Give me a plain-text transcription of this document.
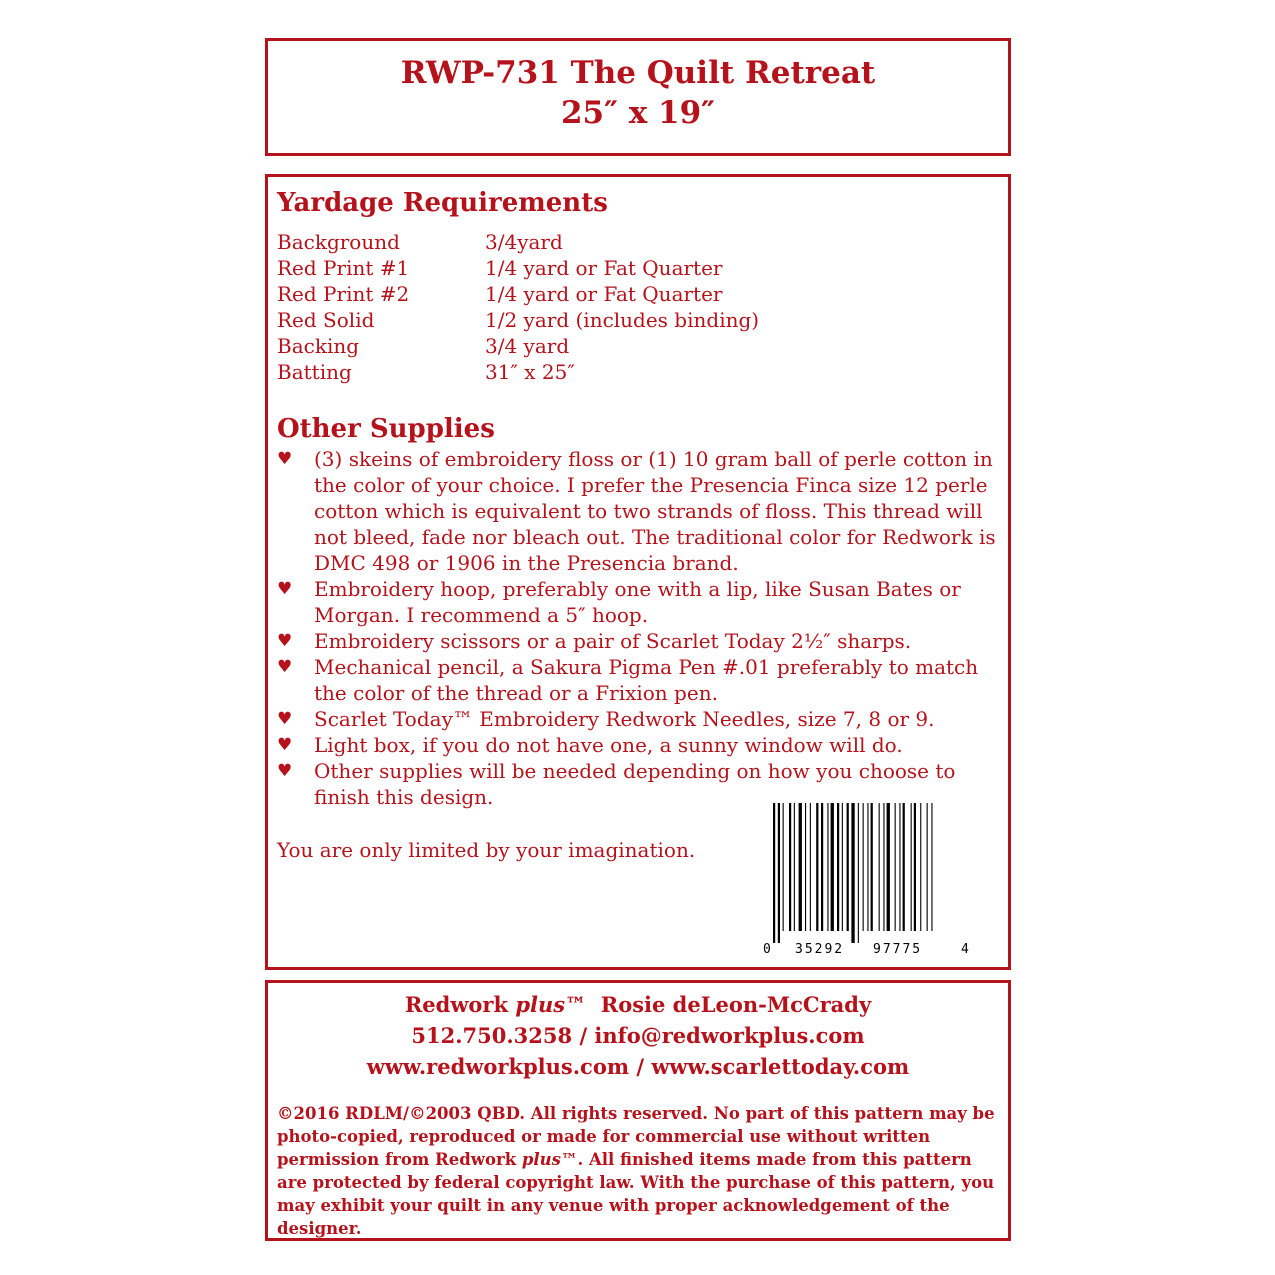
RWP-731 The Quilt Retreat
25″ x 19″
Yardage Requirements
Background	3/4yard
Red Print #1	1/4 yard or Fat Quarter
Red Print #2	1/4 yard or Fat Quarter
Red Solid	1/2 yard (includes binding)
Backing	3/4 yard
Batting	31″ x 25″
Other Supplies
♥ (3) skeins of embroidery floss or (1) 10 gram ball of perle cotton in the color of your choice. I prefer the Presencia Finca size 12 perle cotton which is equivalent to two strands of floss. This thread will not bleed, fade nor bleach out. The traditional color for Redwork is DMC 498 or 1906 in the Presencia brand.
♥ Embroidery hoop, preferably one with a lip, like Susan Bates or Morgan. I recommend a 5″ hoop.
♥ Embroidery scissors or a pair of Scarlet Today 2½″ sharps.
♥ Mechanical pencil, a Sakura Pigma Pen #.01 preferably to match the color of the thread or a Frixion pen.
♥ Scarlet Today™ Embroidery Redwork Needles, size 7, 8 or 9.
♥ Light box, if you do not have one, a sunny window will do.
♥ Other supplies will be needed depending on how you choose to finish this design.
You are only limited by your imagination.
0 35292 97775	4
Redwork plus™ Rosie deLeon-McCrady
512.750.3258 / info@redworkplus.com
www.redworkplus.com / www.scarlettoday.com
©2016 RDLM/©2003 QBD. All rights reserved. No part of this pattern may be photo-copied, reproduced or made for commercial use without written permission from Redwork plus™. All finished items made from this pattern are protected by federal copyright law. With the purchase of this pattern, you may exhibit your quilt in any venue with proper acknowledgement of the designer.
